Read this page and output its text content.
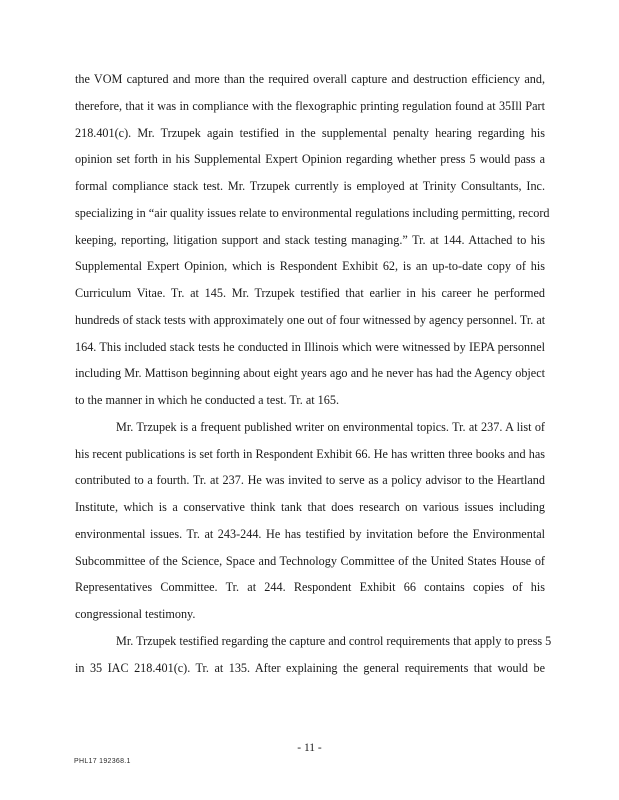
the VOM captured and more than the required overall capture and destruction efficiency and,
therefore, that it was in compliance with the flexographic printing regulation found at 35Ill Part
218.401(c). Mr. Trzupek again testified in the supplemental penalty hearing regarding his
opinion set forth in his Supplemental Expert Opinion regarding whether press 5 would pass a
formal compliance stack test. Mr. Trzupek currently is employed at Trinity Consultants, Inc.
specializing in “air quality issues relate to environmental regulations including permitting, record
keeping, reporting, litigation support and stack testing managing.” Tr. at 144. Attached to his
Supplemental Expert Opinion, which is Respondent Exhibit 62, is an up-to-date copy of his
Curriculum Vitae. Tr. at 145. Mr. Trzupek testified that earlier in his career he performed
hundreds of stack tests with approximately one out of four witnessed by agency personnel. Tr. at
164. This included stack tests he conducted in Illinois which were witnessed by IEPA personnel
including Mr. Mattison beginning about eight years ago and he never has had the Agency object
to the manner in which he conducted a test. Tr. at 165.
Mr. Trzupek is a frequent published writer on environmental topics. Tr. at 237. A list of
his recent publications is set forth in Respondent Exhibit 66. He has written three books and has
contributed to a fourth. Tr. at 237. He was invited to serve as a policy advisor to the Heartland
Institute, which is a conservative think tank that does research on various issues including
environmental issues. Tr. at 243-244. He has testified by invitation before the Environmental
Subcommittee of the Science, Space and Technology Committee of the United States House of
Representatives Committee. Tr. at 244. Respondent Exhibit 66 contains copies of his
congressional testimony.
Mr. Trzupek testified regarding the capture and control requirements that apply to press 5
in 35 IAC 218.401(c). Tr. at 135. After explaining the general requirements that would be
- 11 -
PHL17 192368.1
